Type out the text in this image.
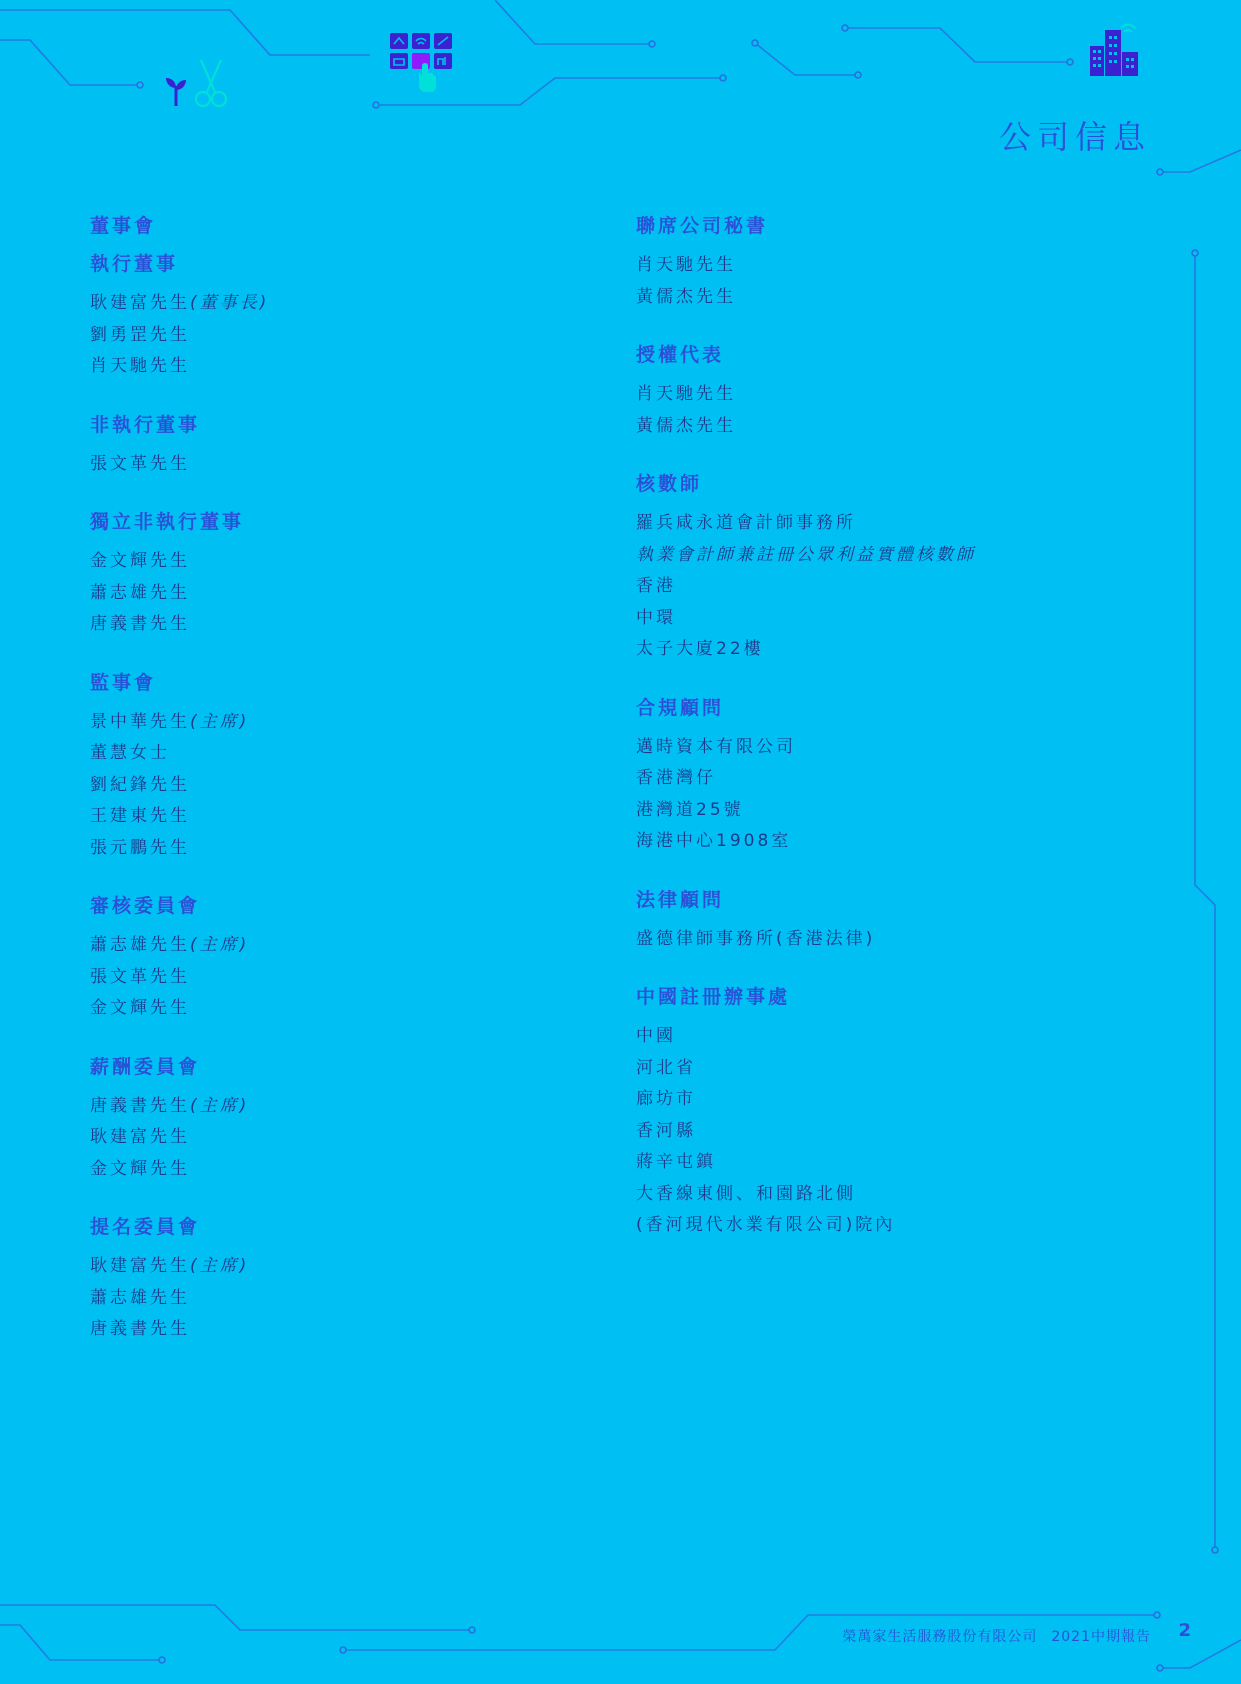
公司信息
董事會
執行董事
耿建富先生(董事長)
劉勇罡先生
肖天馳先生
非執行董事
張文革先生
獨立非執行董事
金文輝先生
蕭志雄先生
唐義書先生
監事會
景中華先生(主席)
董慧女士
劉紀鋒先生
王建東先生
張元鵬先生
審核委員會
蕭志雄先生(主席)
張文革先生
金文輝先生
薪酬委員會
唐義書先生(主席)
耿建富先生
金文輝先生
提名委員會
耿建富先生(主席)
蕭志雄先生
唐義書先生
聯席公司秘書
肖天馳先生
黃儒杰先生
授權代表
肖天馳先生
黃儒杰先生
核數師
羅兵咸永道會計師事務所
執業會計師兼註冊公眾利益實體核數師
香港
中環
太子大廈22樓
合規顧問
邁時資本有限公司
香港灣仔
港灣道25號
海港中心1908室
法律顧問
盛德律師事務所(香港法律)
中國註冊辦事處
中國
河北省
廊坊市
香河縣
蔣辛屯鎮
大香線東側、和園路北側
(香河現代水業有限公司)院內
榮萬家生活服務股份有限公司 2021中期報告 2
